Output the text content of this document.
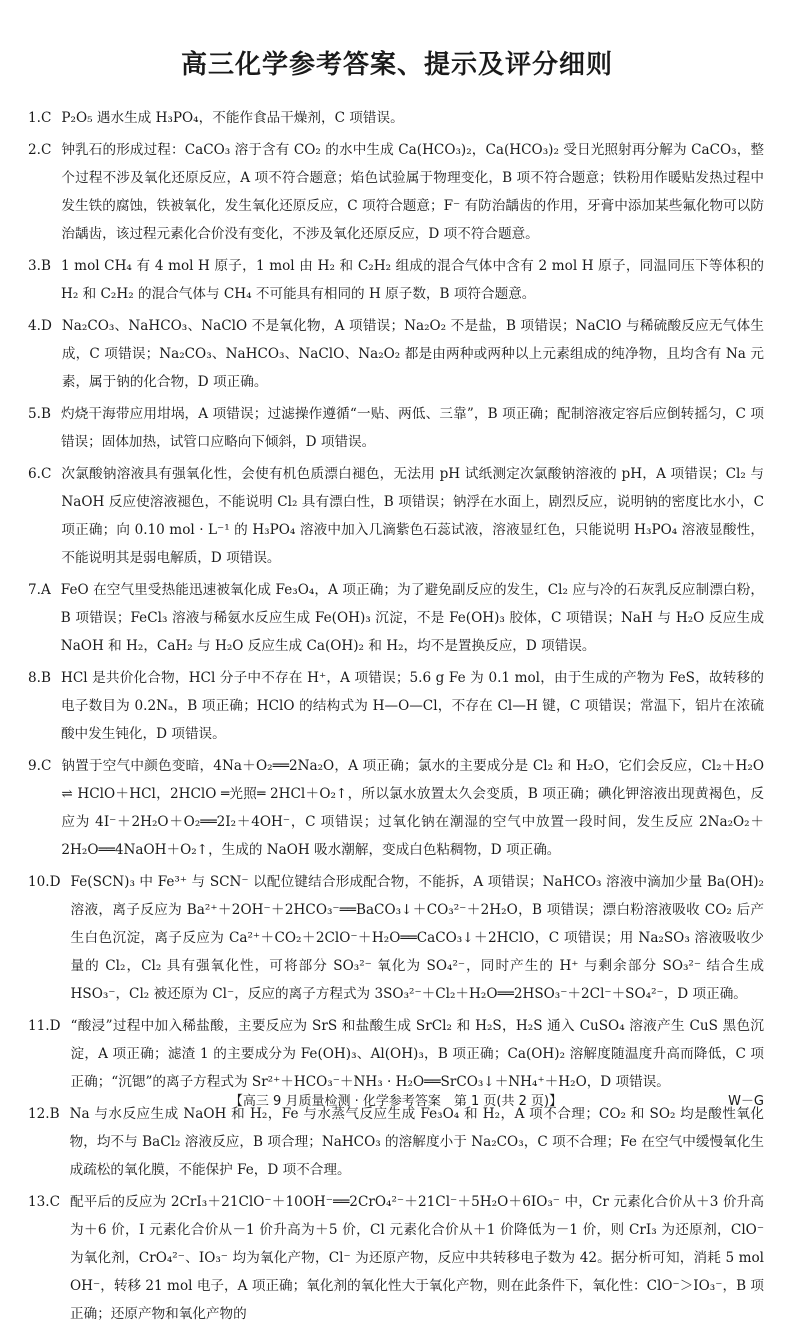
高三化学参考答案、提示及评分细则
1.C P₂O₅ 遇水生成 H₃PO₄，不能作食品干燥剂，C 项错误。
2.C 钟乳石的形成过程：CaCO₃ 溶于含有 CO₂ 的水中生成 Ca(HCO₃)₂，Ca(HCO₃)₂ 受日光照射再分解为 CaCO₃，整个过程不涉及氧化还原反应，A 项不符合题意；焰色试验属于物理变化，B 项不符合题意；铁粉用作暖贴发热过程中发生铁的腐蚀，铁被氧化，发生氧化还原反应，C 项符合题意；F⁻ 有防治龋齿的作用，牙膏中添加某些氟化物可以防治龋齿，该过程元素化合价没有变化，不涉及氧化还原反应，D 项不符合题意。
3.B 1 mol CH₄ 有 4 mol H 原子，1 mol 由 H₂ 和 C₂H₂ 组成的混合气体中含有 2 mol H 原子，同温同压下等体积的 H₂ 和 C₂H₂ 的混合气体与 CH₄ 不可能具有相同的 H 原子数，B 项符合题意。
4.D Na₂CO₃、NaHCO₃、NaClO 不是氧化物，A 项错误；Na₂O₂ 不是盐，B 项错误；NaClO 与稀硫酸反应无气体生成，C 项错误；Na₂CO₃、NaHCO₃、NaClO、Na₂O₂ 都是由两种或两种以上元素组成的纯净物，且均含有 Na 元素，属于钠的化合物，D 项正确。
5.B 灼烧干海带应用坩埚，A 项错误；过滤操作遵循“一贴、两低、三靠”，B 项正确；配制溶液定容后应倒转摇匀，C 项错误；固体加热，试管口应略向下倾斜，D 项错误。
6.C 次氯酸钠溶液具有强氧化性，会使有机色质漂白褪色，无法用 pH 试纸测定次氯酸钠溶液的 pH，A 项错误；Cl₂ 与 NaOH 反应使溶液褪色，不能说明 Cl₂ 具有漂白性，B 项错误；钠浮在水面上，剧烈反应，说明钠的密度比水小，C 项正确；向 0.10 mol · L⁻¹ 的 H₃PO₄ 溶液中加入几滴紫色石蕊试液，溶液显红色，只能说明 H₃PO₄ 溶液显酸性，不能说明其是弱电解质，D 项错误。
7.A FeO 在空气里受热能迅速被氧化成 Fe₃O₄，A 项正确；为了避免副反应的发生，Cl₂ 应与冷的石灰乳反应制漂白粉，B 项错误；FeCl₃ 溶液与稀氨水反应生成 Fe(OH)₃ 沉淀，不是 Fe(OH)₃ 胶体，C 项错误；NaH 与 H₂O 反应生成 NaOH 和 H₂，CaH₂ 与 H₂O 反应生成 Ca(OH)₂ 和 H₂，均不是置换反应，D 项错误。
8.B HCl 是共价化合物，HCl 分子中不存在 H⁺，A 项错误；5.6 g Fe 为 0.1 mol，由于生成的产物为 FeS，故转移的电子数目为 0.2Nₐ，B 项正确；HClO 的结构式为 H—O—Cl，不存在 Cl—H 键，C 项错误；常温下，铝片在浓硫酸中发生钝化，D 项错误。
9.C 钠置于空气中颜色变暗，4Na＋O₂══2Na₂O，A 项正确；氯水的主要成分是 Cl₂ 和 H₂O，它们会反应，Cl₂＋H₂O ⇌ HClO＋HCl，2HClO ═光照═ 2HCl＋O₂↑，所以氯水放置太久会变质，B 项正确；碘化钾溶液出现黄褐色，反应为 4I⁻＋2H₂O＋O₂══2I₂＋4OH⁻，C 项错误；过氧化钠在潮湿的空气中放置一段时间，发生反应 2Na₂O₂＋2H₂O══4NaOH＋O₂↑，生成的 NaOH 吸水潮解，变成白色粘稠物，D 项正确。
10.D Fe(SCN)₃ 中 Fe³⁺ 与 SCN⁻ 以配位键结合形成配合物，不能拆，A 项错误；NaHCO₃ 溶液中滴加少量 Ba(OH)₂ 溶液，离子反应为 Ba²⁺＋2OH⁻＋2HCO₃⁻══BaCO₃↓＋CO₃²⁻＋2H₂O，B 项错误；漂白粉溶液吸收 CO₂ 后产生白色沉淀，离子反应为 Ca²⁺＋CO₂＋2ClO⁻＋H₂O══CaCO₃↓＋2HClO，C 项错误；用 Na₂SO₃ 溶液吸收少量的 Cl₂，Cl₂ 具有强氧化性，可将部分 SO₃²⁻ 氧化为 SO₄²⁻，同时产生的 H⁺ 与剩余部分 SO₃²⁻ 结合生成 HSO₃⁻，Cl₂ 被还原为 Cl⁻，反应的离子方程式为 3SO₃²⁻＋Cl₂＋H₂O══2HSO₃⁻＋2Cl⁻＋SO₄²⁻，D 项正确。
11.D “酸浸”过程中加入稀盐酸，主要反应为 SrS 和盐酸生成 SrCl₂ 和 H₂S，H₂S 通入 CuSO₄ 溶液产生 CuS 黑色沉淀，A 项正确；滤渣 1 的主要成分为 Fe(OH)₃、Al(OH)₃，B 项正确；Ca(OH)₂ 溶解度随温度升高而降低，C 项正确；“沉锶”的离子方程式为 Sr²⁺＋HCO₃⁻＋NH₃ · H₂O══SrCO₃↓＋NH₄⁺＋H₂O，D 项错误。
12.B Na 与水反应生成 NaOH 和 H₂，Fe 与水蒸气反应生成 Fe₃O₄ 和 H₂，A 项不合理；CO₂ 和 SO₂ 均是酸性氧化物，均不与 BaCl₂ 溶液反应，B 项合理；NaHCO₃ 的溶解度小于 Na₂CO₃，C 项不合理；Fe 在空气中缓慢氧化生成疏松的氧化膜，不能保护 Fe，D 项不合理。
13.C 配平后的反应为 2CrI₃＋21ClO⁻＋10OH⁻══2CrO₄²⁻＋21Cl⁻＋5H₂O＋6IO₃⁻ 中，Cr 元素化合价从＋3 价升高为＋6 价，I 元素化合价从－1 价升高为＋5 价，Cl 元素化合价从＋1 价降低为－1 价，则 CrI₃ 为还原剂，ClO⁻ 为氧化剂，CrO₄²⁻、IO₃⁻ 均为氧化产物，Cl⁻ 为还原产物，反应中共转移电子数为 42。据分析可知，消耗 5 mol OH⁻，转移 21 mol 电子，A 项正确；氧化剂的氧化性大于氧化产物，则在此条件下，氧化性：ClO⁻＞IO₃⁻，B 项正确；还原产物和氧化产物的
【高三 9 月质量检测 · 化学参考答案　第 1 页(共 2 页)】	W－G
